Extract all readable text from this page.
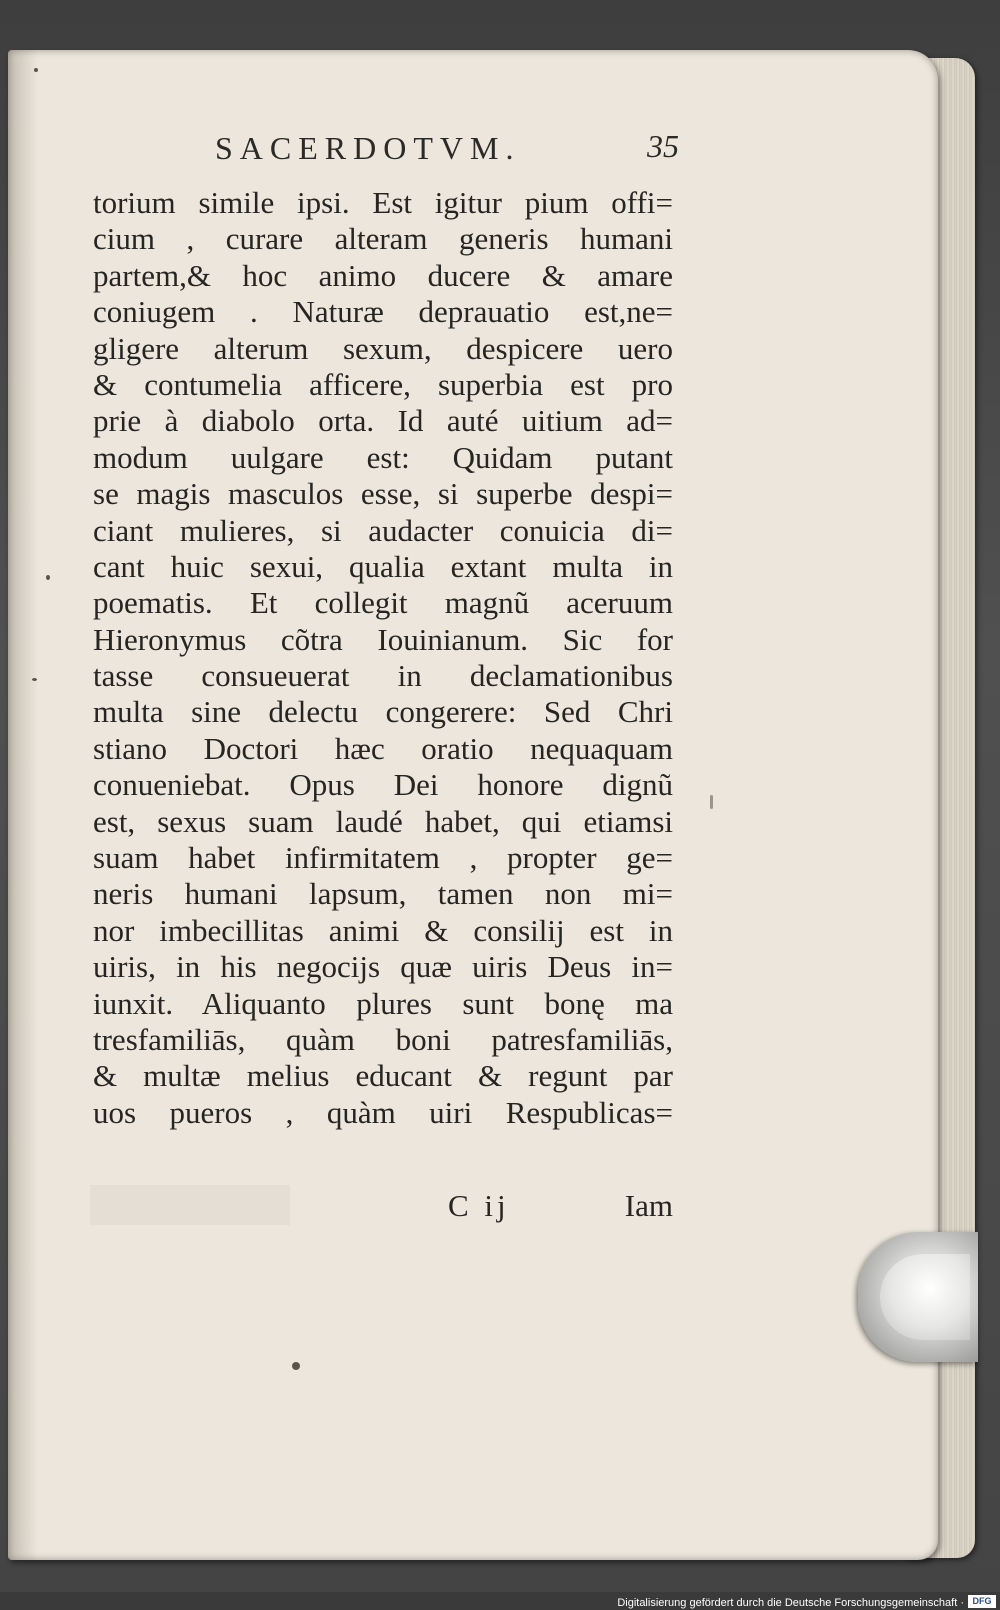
SACERDOTVM.	35
torium simile ipsi. Est igitur pium offi=
cium , curare alteram generis humani
partem,& hoc animo ducere & amare
coniugem . Naturæ deprauatio est,ne=
gligere alterum sexum, despicere uero
& contumelia afficere, superbia est pro
prie à diabolo orta. Id auté uitium ad=
modum uulgare est: Quidam putant
se magis masculos esse, si superbe despi=
ciant mulieres, si audacter conuicia di=
cant huic sexui, qualia extant multa in
poematis. Et collegit magnũ aceruum
Hieronymus cõtra Iouinianum. Sic for
tasse consueuerat in declamationibus
multa sine delectu congerere: Sed Chri
stiano Doctori hæc oratio nequaquam
conueniebat. Opus Dei honore dignũ
est, sexus suam laudé habet, qui etiamsi
suam habet infirmitatem , propter ge=
neris humani lapsum, tamen non mi=
nor imbecillitas animi & consilij est in
uiris, in his negocijs quæ uiris Deus in=
iunxit. Aliquanto plures sunt bonę ma
tresfamiliās, quàm boni patresfamiliās,
& multæ melius educant & regunt par
uos pueros , quàm uiri Respublicas=
C ij	Iam
Digitalisierung gefördert durch die Deutsche Forschungsgemeinschaft · DFG
